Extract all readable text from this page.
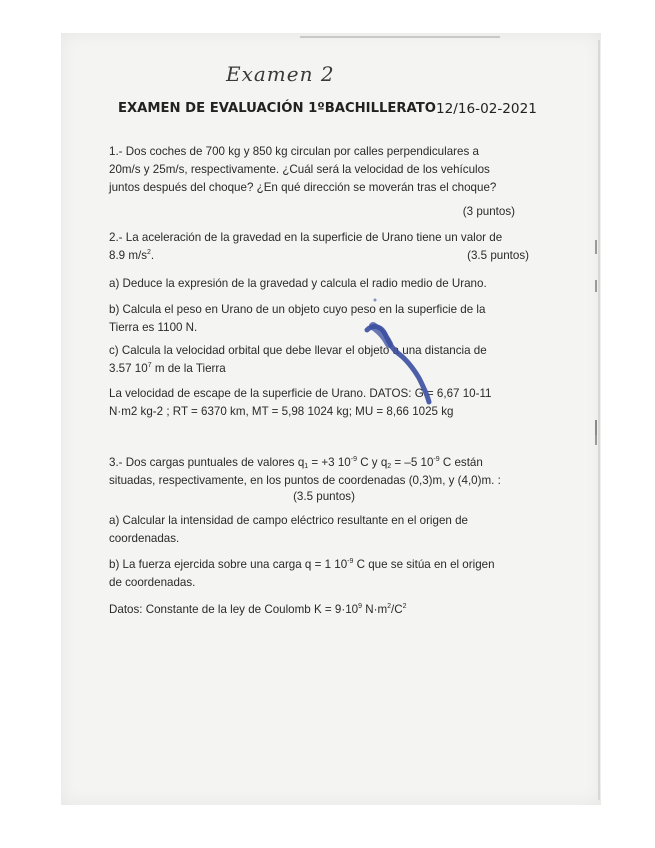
Examen 2
EXAMEN DE EVALUACIÓN 1ºBACHILLERATO 12/16-02-2021
1.- Dos coches de 700 kg y 850 kg circulan por calles perpendiculares a
20m/s y 25m/s, respectivamente. ¿Cuál será la velocidad de los vehículos
juntos después del choque? ¿En qué dirección se moverán tras el choque?
(3 puntos)
2.- La aceleración de la gravedad en la superficie de Urano tiene un valor de
8.9 $m/s^2$.	(3.5 puntos)
a) Deduce la expresión de la gravedad y calcula el radio medio de Urano.
b) Calcula el peso en Urano de un objeto cuyo peso en la superficie de la
Tierra es 1100 N.
c) Calcula la velocidad orbital que debe llevar el objeto a una distancia de
3.57 $10^7$ m de la Tierra
La velocidad de escape de la superficie de Urano. DATOS: G = 6,67 10-11
N·m2 kg-2 ; RT = 6370 km, MT = 5,98 1024 kg; MU = 8,66 1025 kg
3.- Dos cargas puntuales de valores $q_1 = +3$ $10^{-9}$ C y $q_2 = -5$ $10^{-9}$ C están
situadas, respectivamente, en los puntos de coordenadas (0,3)m, y (4,0)m. :
(3.5 puntos)
a) Calcular la intensidad de campo eléctrico resultante en el origen de
coordenadas.
b) La fuerza ejercida sobre una carga q = 1 $10^{-9}$ C que se sitúa en el origen
de coordenadas.
Datos: Constante de la ley de Coulomb $K = 9\cdot 10^9$ $N\cdot m^2/C^2$
